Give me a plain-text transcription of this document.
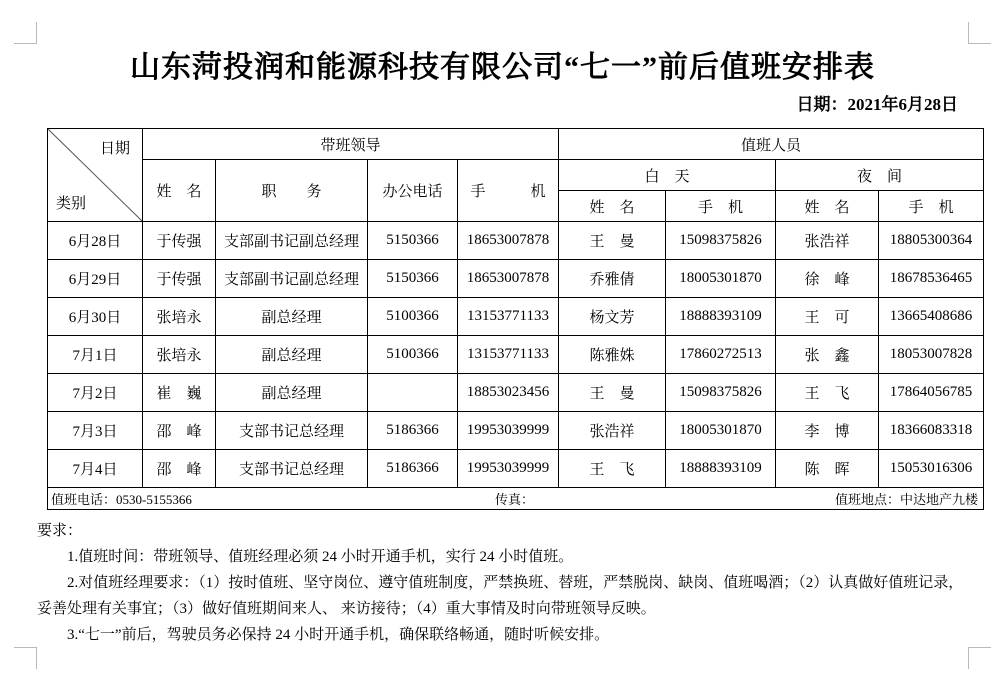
山东菏投润和能源科技有限公司“七一”前后值班安排表
日期：2021年6月28日
日期
类别	带班领导				值班人员			
	姓　名	职　　务	办公电话	手　　　机	白　天		夜　间	
					姓　名	手　机	姓　名	手　机
6月28日	于传强	支部副书记副总经理	5150366	18653007878	王　曼	15098375826	张浩祥	18805300364
6月29日	于传强	支部副书记副总经理	5150366	18653007878	乔雅倩	18005301870	徐　峰	18678536465
6月30日	张培永	副总经理	5100366	13153771133	杨文芳	18888393109	王　可	13665408686
7月1日	张培永	副总经理	5100366	13153771133	陈雅姝	17860272513	张　鑫	18053007828
7月2日	崔　巍	副总经理		18853023456	王　曼	15098375826	王　飞	17864056785
7月3日	邵　峰	支部书记总经理	5186366	19953039999	张浩祥	18005301870	李　博	18366083318
7月4日	邵　峰	支部书记总经理	5186366	19953039999	王　飞	18888393109	陈　晖	15053016306

值班电话：0530-5155366 传真： 值班地点：中达地产九楼								

要求：

1.值班时间：带班领导、值班经理必须 24 小时开通手机，实行 24 小时值班。

2.对值班经理要求：（1）按时值班、坚守岗位、遵守值班制度，严禁换班、替班，严禁脱岗、缺岗、值班喝酒；（2）认真做好值班记录，妥善处理有关事宜；（3）做好值班期间来人、 来访接待；（4）重大事情及时向带班领导反映。

3.“七一”前后，驾驶员务必保持 24 小时开通手机，确保联络畅通，随时听候安排。
